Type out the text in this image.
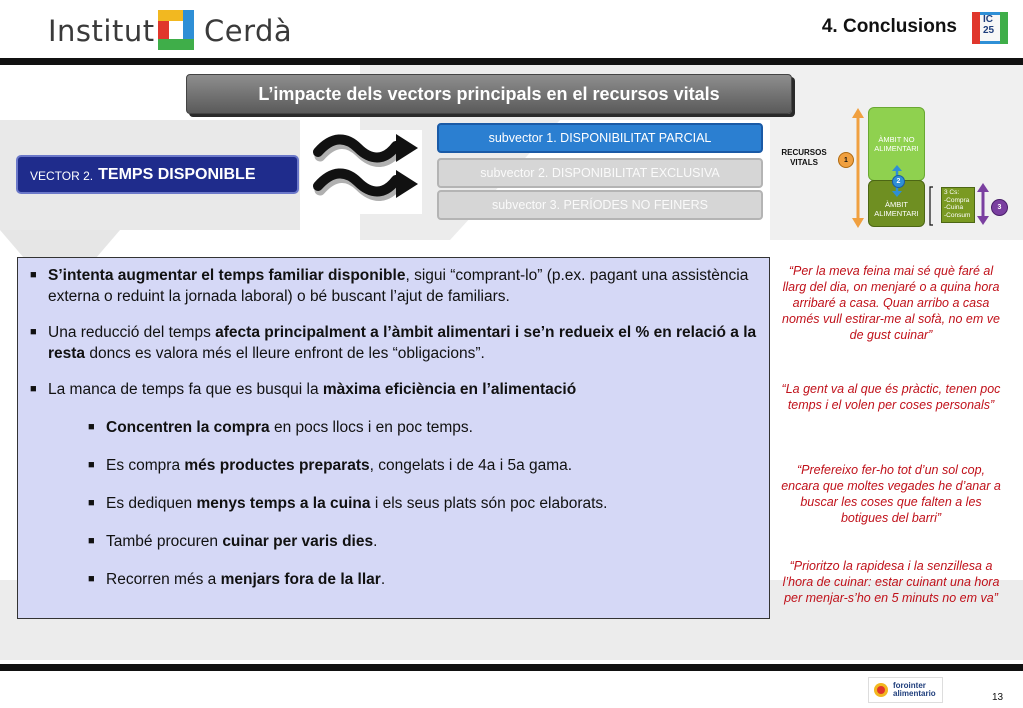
Institut Cerdà	4. Conclusions	IC
25
L’impacte dels vectors principals en el recursos vitals
VECTOR 2. TEMPS DISPONIBLE
subvector 1. DISPONIBILITAT PARCIAL
subvector 2. DISPONIBILITAT EXCLUSIVA
subvector 3. PERÍODES NO FEINERS
RECURSOS
VITALS
ÀMBIT NO
ALIMENTARI
ÀMBIT
ALIMENTARI
1
2
3 Cs:
-Compra
-Cuina
-Consum
3
■ S’intenta augmentar el temps familiar disponible, sigui “comprant-lo” (p.ex. pagant una assistència externa o reduint la jornada laboral) o bé buscant l’ajut de familiars.
■ Una reducció del temps afecta principalment a l’àmbit alimentari i se’n redueix el % en relació a la resta doncs es valora més el lleure enfront de les “obligacions”.
■ La manca de temps fa que es busqui la màxima eficiència en l’alimentació
■ Concentren la compra en pocs llocs i en poc temps.
■ Es compra més productes preparats, congelats i de 4a i 5a gama.
■ Es dediquen menys temps a la cuina i els seus plats són poc elaborats.
■ També procuren cuinar per varis dies.
■ Recorren més a menjars fora de la llar.
“Per la meva feina mai sé què faré al llarg del dia, on menjaré o a quina hora arribaré a casa. Quan arribo a casa només vull estirar-me al sofà, no em ve de gust cuinar”
“La gent va al que és pràctic, tenen poc temps i el volen per coses personals”
“Prefereixo fer-ho tot d’un sol cop, encara que moltes vegades he d’anar a buscar les coses que falten a les botigues del barri”
“Prioritzo la rapidesa i la senzillesa a l’hora de cuinar: estar cuinant una hora per menjar-s’ho en 5 minuts no em va”
forointer
alimentario	13
